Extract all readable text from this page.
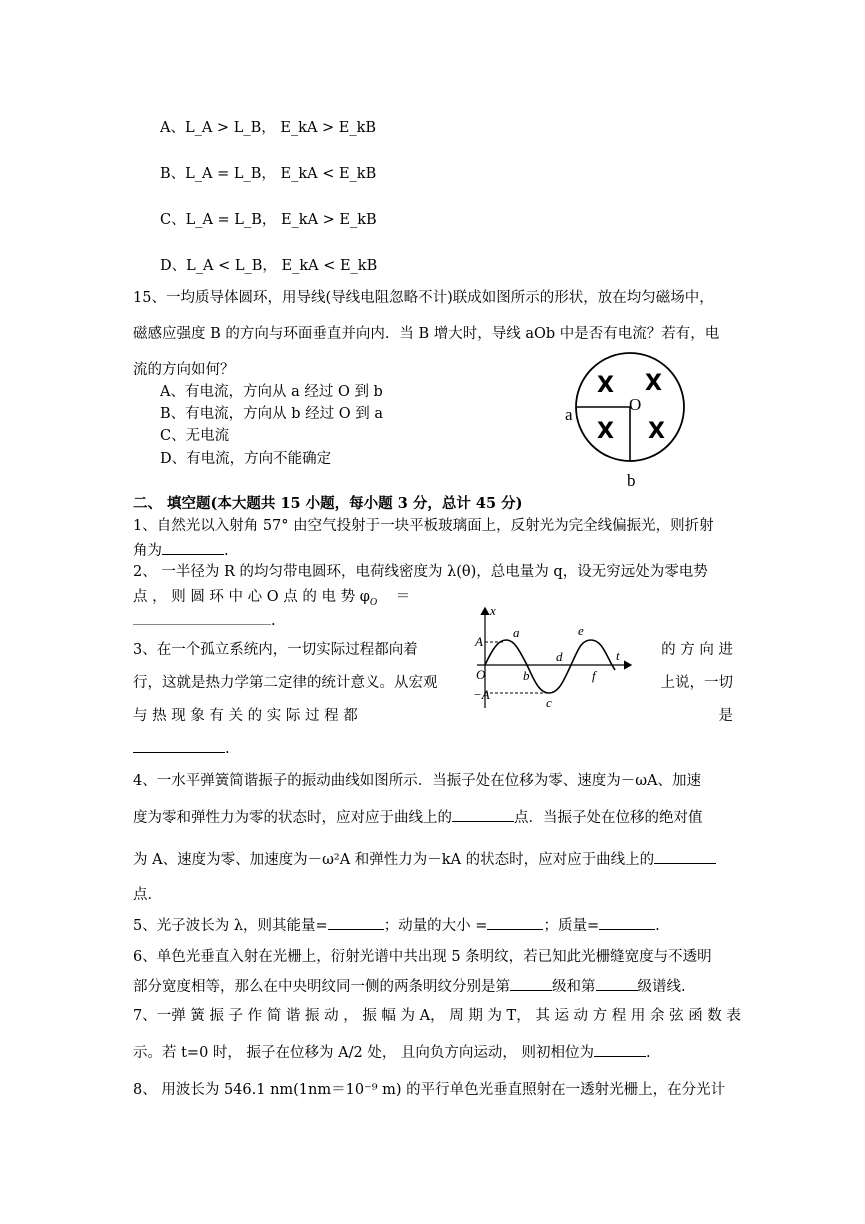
A、L_A > L_B， E_kA > E_kB
B、L_A = L_B， E_kA < E_kB
C、L_A = L_B， E_kA > E_kB
D、L_A < L_B， E_kA < E_kB
15、一均质导体圆环，用导线(导线电阻忽略不计)联成如图所示的形状，放在均匀磁场中，
磁感应强度 B 的方向与环面垂直并向内．当 B 增大时，导线 aOb 中是否有电流？若有，电
流的方向如何？
A、有电流，方向从 a 经过 O 到 b
B、有电流，方向从 b 经过 O 到 a
C、无电流
D、有电流，方向不能确定
X X
X X
a
O
b
二、 填空题(本大题共 15 小题，每小题 3 分，总计 45 分)
1、自然光以入射角 57° 由空气投射于一块平板玻璃面上，反射光为完全线偏振光，则折射
角为	.
2、 一半径为 R 的均匀带电圆环，电荷线密度为 λ(θ)，总电量为 q，设无穷远处为零电势
点 ， 则 圆 环 中 心 O 点 的 电 势 $\varphi_O$ ＝
.
3、在一个孤立系统内，一切实际过程都向着	的 方 向 进
行，这就是热力学第二定律的统计意义。从宏观	上说，一切
与 热 现 象 有 关 的 实 际 过 程 都	是
.
x
t
A
−A
O
a
b
c
d
e
f
4、一水平弹簧简谐振子的振动曲线如图所示．当振子处在位移为零、速度为－ωA、加速
度为零和弹性力为零的状态时，应对应于曲线上的	点．当振子处在位移的绝对值
为 A、速度为零、加速度为－ω²A 和弹性力为－kA 的状态时，应对应于曲线上的
点．
5、光子波长为 λ，则其能量=	；动量的大小 =	；质量=	.
6、单色光垂直入射在光栅上，衍射光谱中共出现 5 条明纹，若已知此光栅缝宽度与不透明
部分宽度相等，那么在中央明纹同一侧的两条明纹分别是第	级和第	级谱线.
7、一弹 簧 振 子 作 简 谐 振 动 ， 振 幅 为 A， 周 期 为 T， 其 运 动 方 程 用 余 弦 函 数 表
示。若 t=0 时， 振子在位移为 A/2 处， 且向负方向运动， 则初相位为	.
8、 用波长为 546.1 nm(1nm＝10⁻⁹ m) 的平行单色光垂直照射在一透射光栅上，在分光计
